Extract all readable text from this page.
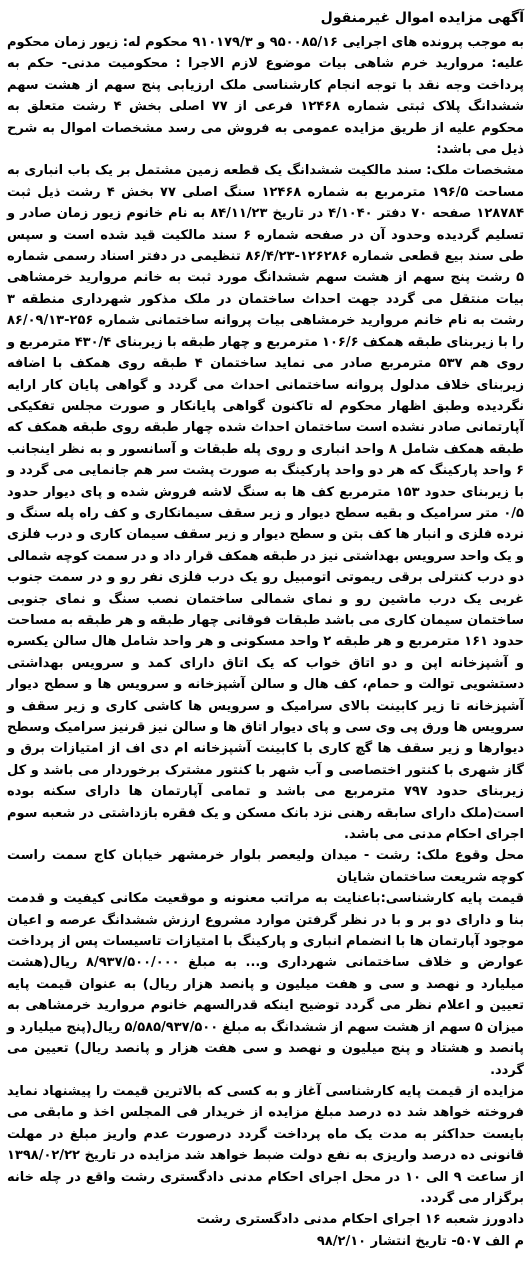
آگهی مزایده اموال غیرمنقول

به موجب پرونده های اجرایی ۹۵۰۰۸۵/۱۶ و ۹۱۰۱۷۹/۳ محکوم له: زیور زمان محکوم علیه: مروارید خرم شاهی بیات موضوع لازم الاجرا : محکومیت مدنی- حکم به پرداخت وجه نقد با توجه انجام کارشناسی ملک ارزیابی پنج سهم از هشت سهم ششدانگ پلاک ثبتی شماره ۱۲۴۶۸ فرعی از ۷۷ اصلی بخش ۴ رشت متعلق به محکوم علیه از طریق مزایده عمومی به فروش می رسد مشخصات اموال به شرح ذیل می باشد:

مشخصات ملک: سند مالکیت ششدانگ یک قطعه زمین مشتمل بر یک باب انباری به مساحت ۱۹۶/۵ مترمربع به شماره ۱۲۴۶۸ سنگ اصلی ۷۷ بخش ۴ رشت ذیل ثبت ۱۲۸۷۸۴ صفحه ۷۰ دفتر ۴/۱۰۴۰ در تاریخ ۸۴/۱۱/۲۳ به نام خانوم زیور زمان صادر و تسلیم گردیده وحدود آن در صفحه شماره ۶ سند مالکیت قید شده است و سپس طی سند بیع قطعی شماره ۱۲۶۲۸۶-۸۶/۴/۲۳ تنظیمی در دفتر اسناد رسمی شماره ۵ رشت پنج سهم از هشت سهم ششدانگ مورد ثبت به خانم مروارید خرمشاهی بیات منتقل می گردد جهت احداث ساختمان در ملک مذکور شهرداری منطقه ۳ رشت به نام خانم مروارید خرمشاهی بیات پروانه ساختمانی شماره ۲۵۶-۸۶/۰۹/۱۳ را با زیربنای طبقه همکف ۱۰۶/۶ مترمربع و چهار طبقه با زیربنای ۴۳۰/۴ مترمربع و روی هم ۵۳۷ مترمربع صادر می نماید ساختمان ۴ طبقه روی همکف با اضافه زیربنای خلاف مدلول پروانه ساختمانی احداث می گردد و گواهی پایان کار ارایه نگردیده وطبق اظهار محکوم له تاکنون گواهی پایانکار و صورت مجلس تفکیکی آپارتمانی صادر نشده است ساختمان احداث شده چهار طبقه روی طبقه همکف که طبقه همکف شامل ۸ واحد انباری و روی پله طبقات و آسانسور و به نظر اینجانب ۶ واحد پارکینگ که هر دو واحد پارکینگ به صورت پشت سر هم جانمایی می گردد و با زیربنای حدود ۱۵۳ مترمربع کف ها به سنگ لاشه فروش شده و پای دیوار حدود ۰/۵ متر سرامیک و بقیه سطح دیوار و زیر سقف سیمانکاری و کف راه پله سنگ و نرده فلزی و انبار ها کف بتن و سطح دیوار و زیر سقف سیمان کاری و درب فلزی و یک واحد سرویس بهداشتی نیز در طبقه همکف قرار داد و در سمت کوچه شمالی دو درب کنترلی برقی ریموتی اتومبیل رو یک درب فلزی نفر رو و در سمت جنوب غربی یک درب ماشین رو و نمای شمالی ساختمان نصب سنگ و نمای جنوبی ساختمان سیمان کاری می باشد طبقات فوقانی چهار طبقه و هر طبقه به مساحت حدود ۱۶۱ مترمربع و هر طبقه ۲ واحد مسکونی و هر واحد شامل هال سالن یکسره و آشپزخانه اپن و دو اتاق خواب که یک اتاق دارای کمد و سرویس بهداشتی دستشویی توالت و حمام، کف هال و سالن آشپزخانه و سرویس ها و سطح دیوار آشپزخانه تا زیر کابینت بالای سرامیک و سرویس ها کاشی کاری و زیر سقف و سرویس ها ورق پی وی سی و پای دیوار اتاق ها و سالن نیز قرنیز سرامیک وسطح دیوارها و زیر سقف ها گچ کاری با کابینت آشپزخانه ام دی اف از امتیازات برق و گاز شهری با کنتور اختصاصی و آب شهر با کنتور مشترک برخوردار می باشد و کل زیربنای حدود ۷۹۷ مترمربع می باشد و تمامی آپارتمان ها دارای سکنه بوده است(ملک دارای سابقه رهنی نزد بانک مسکن و یک فقره بازداشتی در شعبه سوم اجرای احکام مدنی می باشد.

محل وقوع ملک: رشت - میدان ولیعصر بلوار خرمشهر خیابان کاج سمت راست کوچه شریعت ساختمان شایان

قیمت پایه کارشناسی:باعنایت به مراتب معنونه و موقعیت مکانی کیفیت و قدمت بنا و دارای دو بر و با در نظر گرفتن موارد مشروع ارزش ششدانگ عرصه و اعیان موجود آپارتمان ها با انضمام انباری و پارکینگ با امتیازات تاسیسات پس از پرداخت عوارض و خلاف ساختمانی شهرداری و... به مبلغ ۸/۹۳۷/۵۰۰/۰۰۰ ریال(هشت میلیارد و نهصد و سی و هفت میلیون و پانصد هزار ریال) به عنوان قیمت پایه تعیین و اعلام نظر می گردد توضیح اینکه قدرالسهم خانوم مروارید خرمشاهی به میزان ۵ سهم از هشت سهم از ششدانگ به مبلغ ۵/۵۸۵/۹۳۷/۵۰۰ ریال(پنج میلیارد و پانصد و هشتاد و پنج میلیون و نهصد و سی هفت هزار و پانصد ریال) تعیین می گردد.

مزایده از قیمت پایه کارشناسی آغاز و به کسی که بالاترین قیمت را پیشنهاد نماید فروخته خواهد شد ده درصد مبلغ مزایده از خریدار فی المجلس اخذ و مابقی می بایست حداکثر به مدت یک ماه پرداخت گردد درصورت عدم واریز مبلغ در مهلت قانونی ده درصد واریزی به نفع دولت ضبط خواهد شد مزایده در تاریخ ۱۳۹۸/۰۲/۲۲ از ساعت ۹ الی ۱۰ در محل اجرای احکام مدنی دادگستری رشت واقع در چله خانه برگزار می گردد.

دادورز شعبه ۱۶ اجرای احکام مدنی دادگستری رشت
م الف ۵۰۷- تاریخ انتشار ۹۸/۲/۱۰
